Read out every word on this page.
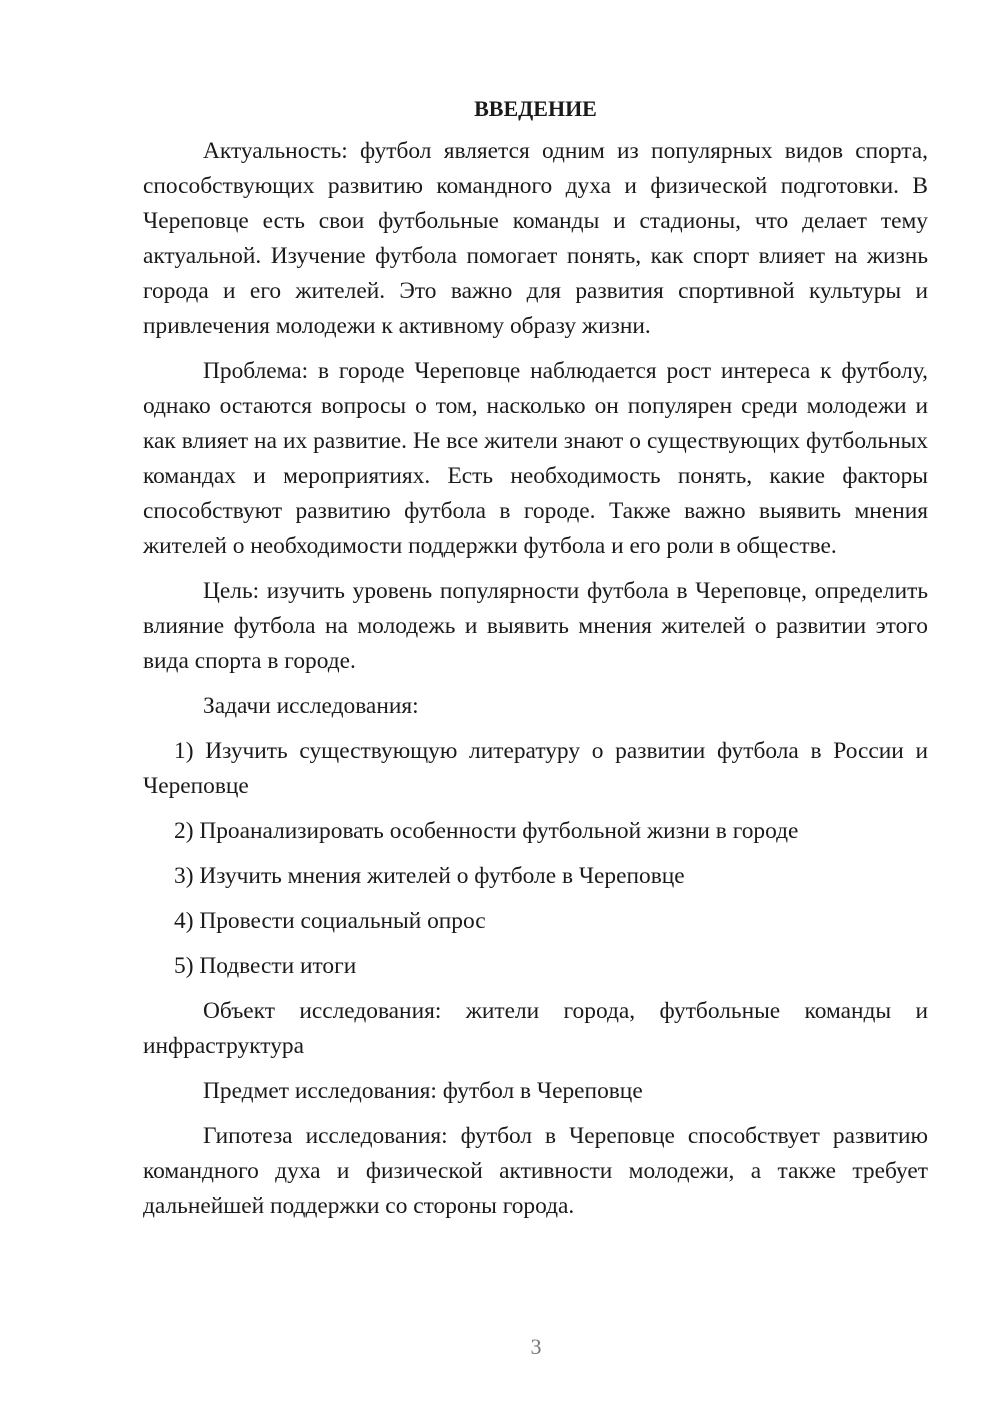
ВВЕДЕНИЕ

Актуальность: футбол является одним из популярных видов спорта, способствующих развитию командного духа и физической подготовки. В Череповце есть свои футбольные команды и стадионы, что делает тему актуальной. Изучение футбола помогает понять, как спорт влияет на жизнь города и его жителей. Это важно для развития спортивной культуры и привлечения молодежи к активному образу жизни.

Проблема: в городе Череповце наблюдается рост интереса к футболу, однако остаются вопросы о том, насколько он популярен среди молодежи и как влияет на их развитие. Не все жители знают о существующих футбольных командах и мероприятиях. Есть необходимость понять, какие факторы способствуют развитию футбола в городе. Также важно выявить мнения жителей о необходимости поддержки футбола и его роли в обществе.

Цель: изучить уровень популярности футбола в Череповце, определить влияние футбола на молодежь и выявить мнения жителей о развитии этого вида спорта в городе.

Задачи исследования:

1) Изучить существующую литературу о развитии футбола в России и Череповце

2) Проанализировать особенности футбольной жизни в городе

3) Изучить мнения жителей о футболе в Череповце

4) Провести социальный опрос

5) Подвести итоги

Объект исследования: жители города, футбольные команды и инфраструктура

Предмет исследования: футбол в Череповце

Гипотеза исследования: футбол в Череповце способствует развитию командного духа и физической активности молодежи, а также требует дальнейшей поддержки со стороны города.

3
